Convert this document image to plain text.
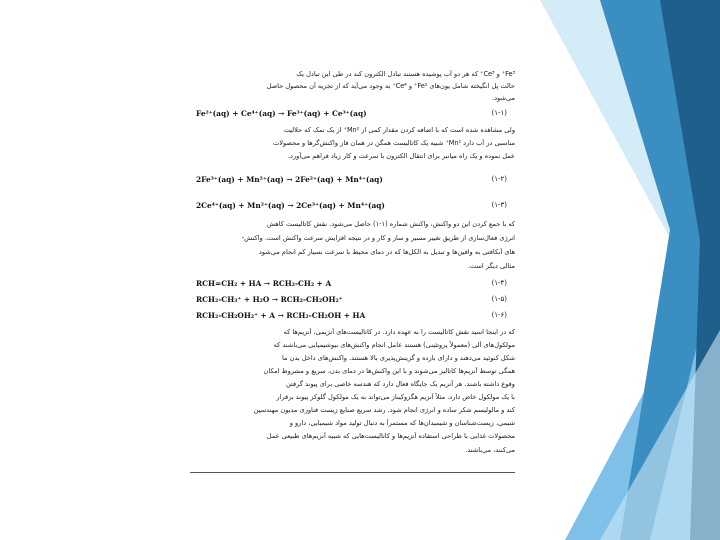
Fe³⁺ و Ce³⁺ که هر دو آب پوشیده هستند تبادل الکترون کند در طی این تبادل یک
حالت پل انگیخته شامل یون‌های Fe²⁺ و Ce⁴⁺ به وجود می‌آید که از تجزیه آن محصول حاصل
می‌شود.
Fe²⁺(aq) + Ce⁴⁺(aq) → Fe³⁺(aq) + Ce³⁺(aq)	(۱-۱)
ولی مشاهده شده است که با اضافه کردن مقدار کمی از Mn²⁺ از یک نمک که حلالیت
مناسبی در آب دارد Mn²⁺ شبیه یک کاتالیست همگن در همان فاز واکنش‌گرها و محصولات
عمل نموده و یک راه میانبر برای انتقال الکترون با سرعت و کار زیاد فراهم می‌آورد.
2Fe³⁺(aq) + Mn²⁺(aq) → 2Fe²⁺(aq) + Mn⁴⁺(aq)	(۱-۲)
2Ce⁴⁺(aq) + Mn²⁺(aq) → 2Ce³⁺(aq) + Mn⁴⁺(aq)	(۱-۳)
که با جمع کردن این دو واکنش، واکنش شماره (۱-۱) حاصل می‌شود. نقش کاتالیست کاهش
انرژی فعال‌سازی از طریق تغییر مسیر و ساز و کار و در نتیجه افزایش سرعت واکنش است. واکنش-
های آبکافتی به وافین‌ها و تبدیل به الکل‌ها که در دمای محیط با سرعت بسیار کم انجام می‌شود
مثالی دیگر است.
RCH=CH₂ + HA → RCH₂-CH₂ + A	(۱-۴)
RCH₂-CH₃⁺ + H₂O → RCH₂-CH₂OH₂⁺	(۱-۵)
RCH₂-CH₂OH₂⁺ + A → RCH₂-CH₂OH + HA	(۱-۶)
که در اینجا اسید نقش کاتالیست را به عهده دارد. در کاتالیست‌های آنزیمی، آنزیم‌ها که
مولکول‌های آلی (معمولاً پروتئینی) هستند عامل انجام واکنش‌های بیوشیمیایی می‌باشند که
شکل کنوئید می‌دهند و دارای بازده و گزینش‌پذیری بالا هستند. واکنش‌های داخل بدن ما
همگی توسط آنزیم‌ها کاتالیز می‌شوند و با این واکنش‌ها در دمای بدن، سریع و مشروط امکان
وقوع داشته باشند. هر آنزیم یک جایگاه فعال دارد که هندسه خاصی برای پیوند گرفتن
با یک مولکول خاص دارد. مثلاً آنزیم هگزوکیناز می‌تواند به یک مولکول گلوکز پیوند برقرار
کند و مالولیسم شکر ساده و انرژی انجام شود. رشد سریع صنایع زیست فناوری مدیون مهندسین
شیمی، زیست‌شناسان و شیمیدان‌ها که مستمراً به دنبال تولید مواد شیمیایی، دارو و
محصولات غذایی با طراحی استفاده آنزیم‌ها و کاتالیست‌هایی که شبیه آنزیم‌های طبیعی عمل
می‌کنند، می‌باشند.
